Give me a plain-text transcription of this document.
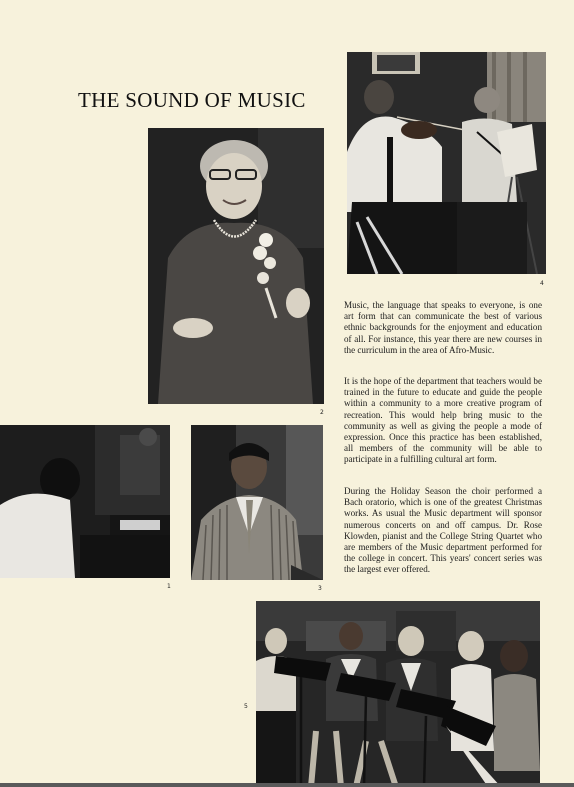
THE SOUND OF MUSIC
4
2
Music, the language that speaks to everyone, is one art form that can communicate the best of various ethnic backgrounds for the enjoyment and education of all. For instance, this year there are new courses in the curriculum in the area of Afro-Music.
It is the hope of the department that teachers would be trained in the future to educate and guide the people within a community to a more creative program of recreation. This would help bring music to the community as well as giving the people a mode of expression. Once this practice has been established, all members of the community will be able to participate in a fulfilling cultural art form.
During the Holiday Season the choir performed a Bach oratorio, which is one of the greatest Christmas works. As usual the Music department will sponsor numerous concerts on and off campus. Dr. Rose Klowden, pianist and the College String Quartet who are members of the Music department performed for the college in concert. This years' concert series was the largest ever offered.
1	3
5
